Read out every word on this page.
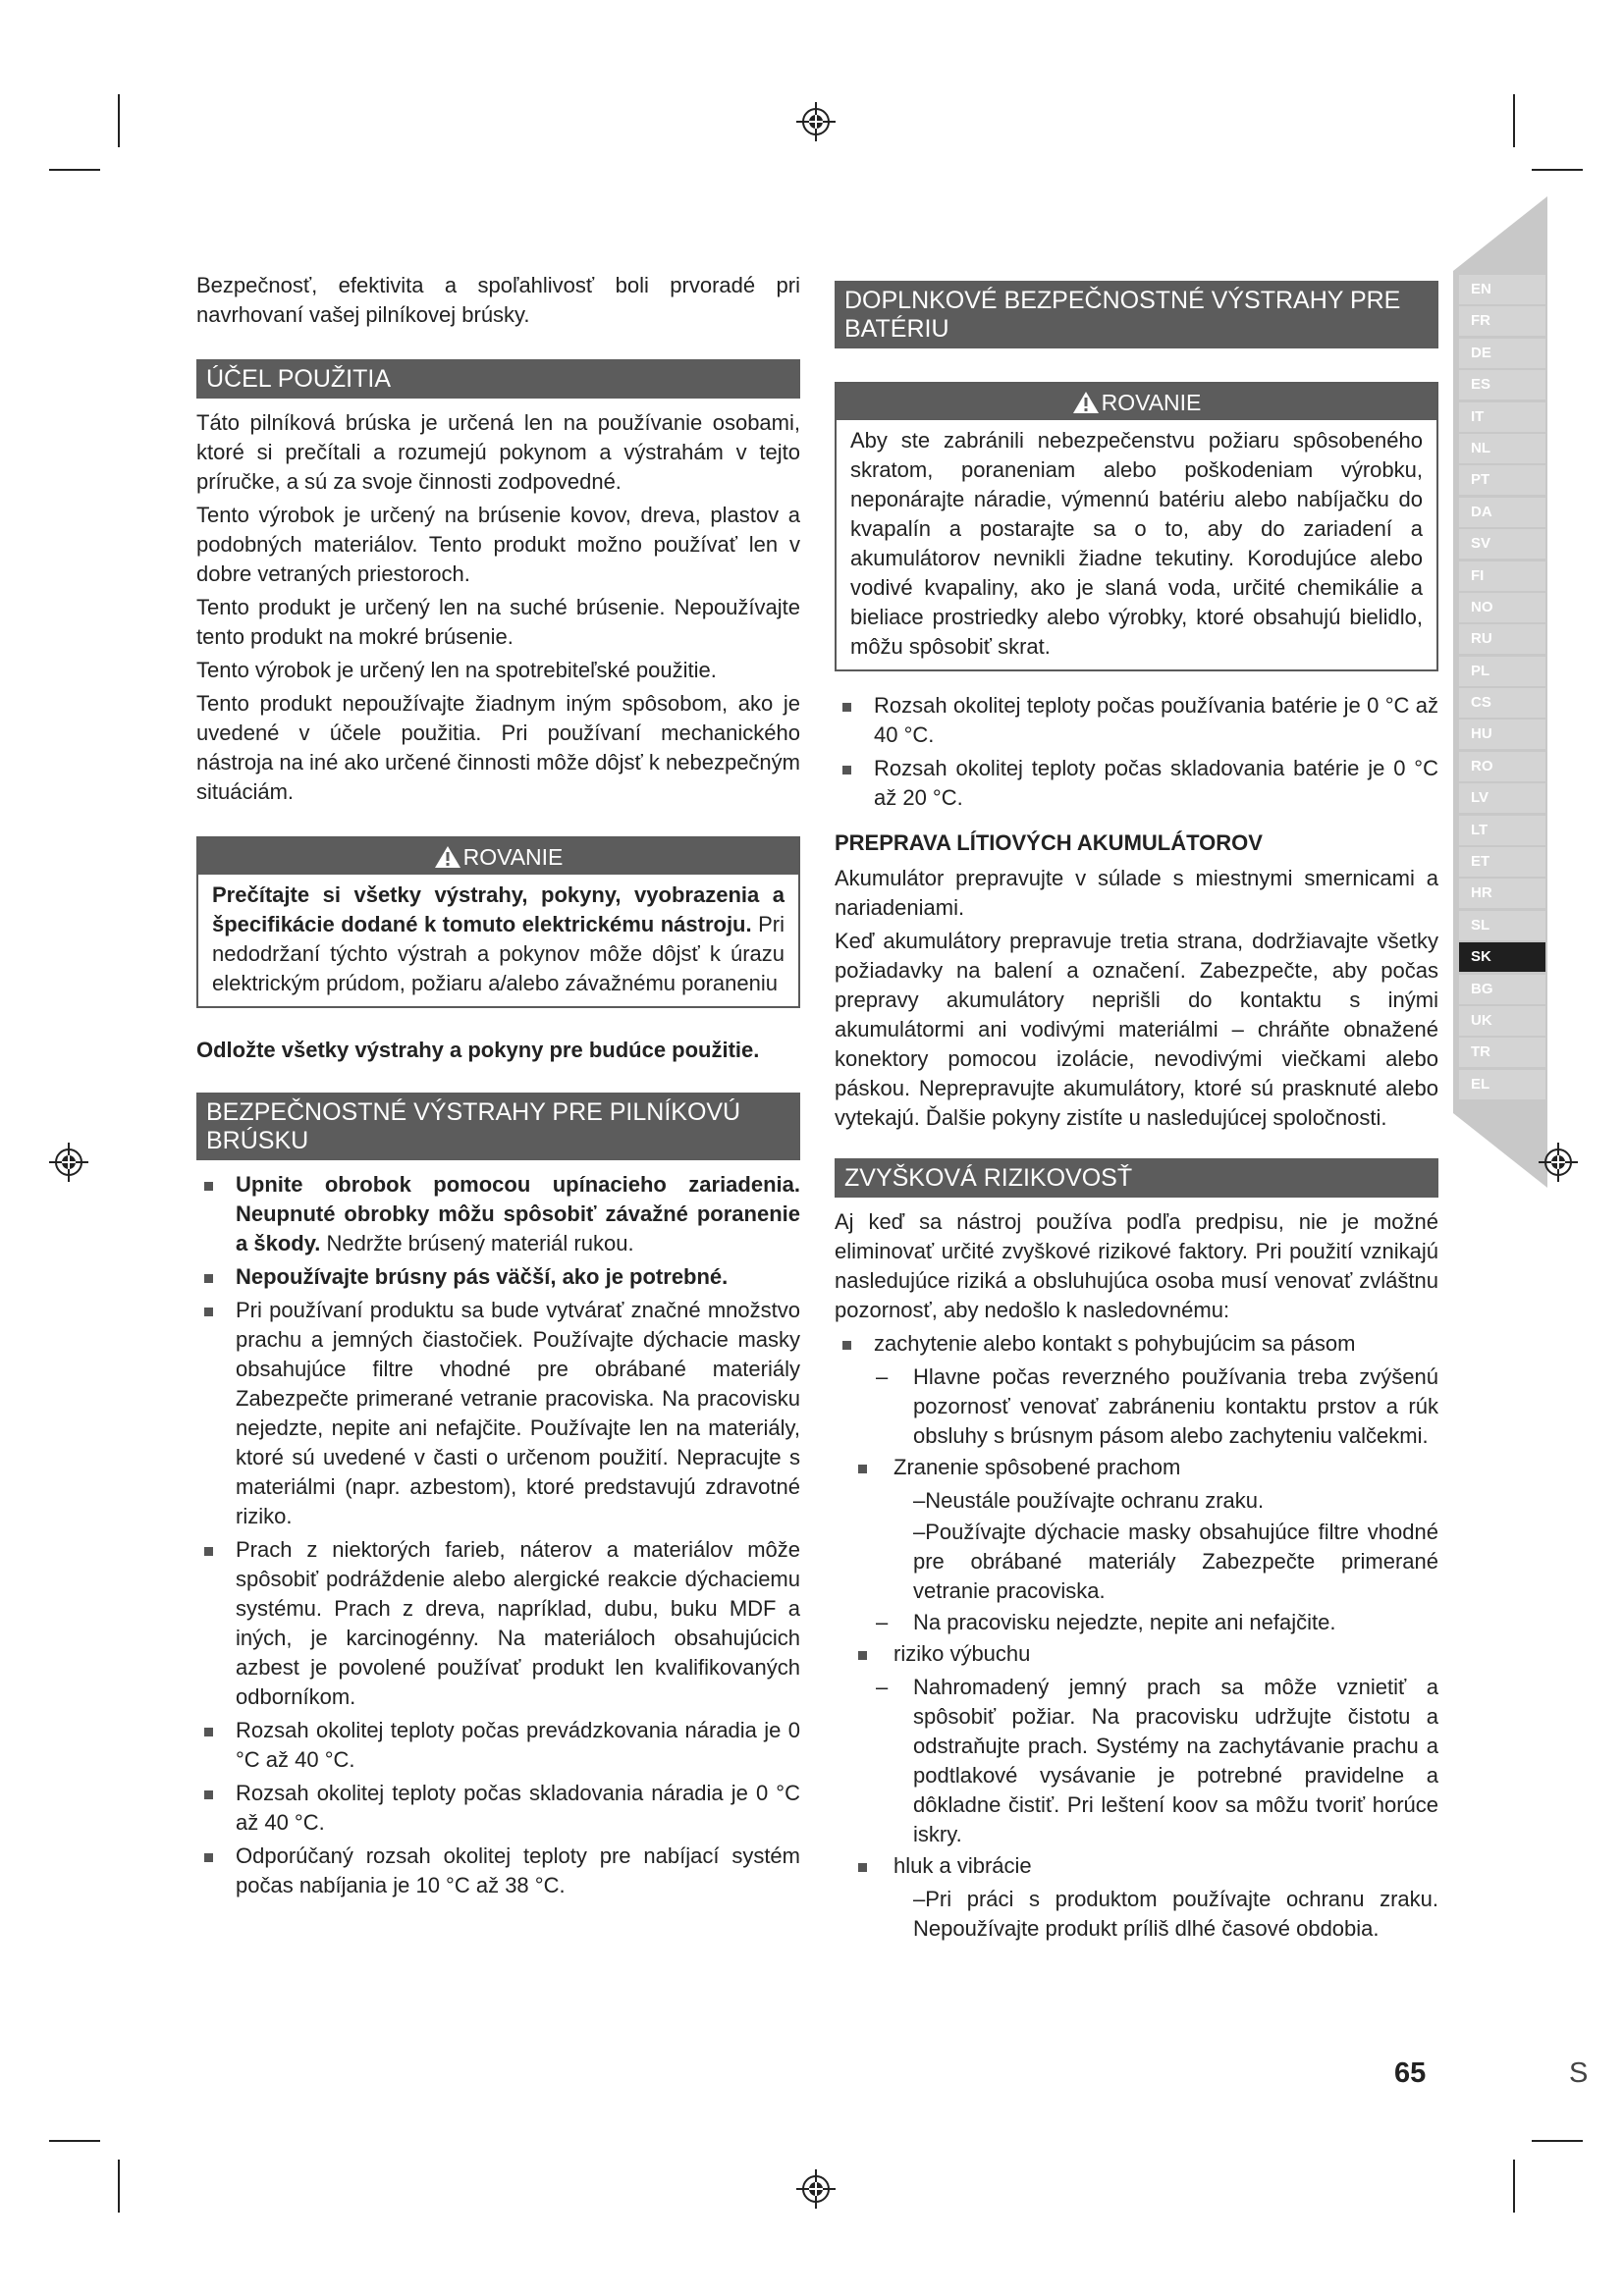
Bezpečnosť, efektivita a spoľahlivosť boli prvoradé pri navrhovaní vašej pilníkovej brúsky.

ÚČEL POUŽITIA

Táto pilníková brúska je určená len na používanie osobami, ktoré si prečítali a rozumejú pokynom a výstrahám v tejto príručke, a sú za svoje činnosti zodpovedné.

Tento výrobok je určený na brúsenie kovov, dreva, plastov a podobných materiálov. Tento produkt možno používať len v dobre vetraných priestoroch.

Tento produkt je určený len na suché brúsenie. Nepoužívajte tento produkt na mokré brúsenie.

Tento výrobok je určený len na spotrebiteľské použitie.

Tento produkt nepoužívajte žiadnym iným spôsobom, ako je uvedené v účele použitia. Pri používaní mechanického nástroja na iné ako určené činnosti môže dôjsť k nebezpečným situáciám.

ROVANIE

Prečítajte si všetky výstrahy, pokyny, vyobrazenia a špecifikácie dodané k tomuto elektrickému nástroju. Pri nedodržaní týchto výstrah a pokynov môže dôjsť k úrazu elektrickým prúdom, požiaru a/alebo závažnému poraneniu

Odložte všetky výstrahy a pokyny pre budúce použitie.

BEZPEČNOSTNÉ VÝSTRAHY PRE PILNÍKOVÚ BRÚSKU
Upnite obrobok pomocou upínacieho zariadenia. Neupnuté obrobky môžu spôsobiť závažné poranenie a škody. Nedržte brúsený materiál rukou.
Nepoužívajte brúsny pás väčší, ako je potrebné.
Pri používaní produktu sa bude vytvárať značné množstvo prachu a jemných čiastočiek. Používajte dýchacie masky obsahujúce filtre vhodné pre obrábané materiály Zabezpečte primerané vetranie pracoviska. Na pracovisku nejedzte, nepite ani nefajčite. Používajte len na materiály, ktoré sú uvedené v časti o určenom použití. Nepracujte s materiálmi (napr. azbestom), ktoré predstavujú zdravotné riziko.
Prach z niektorých farieb, náterov a materiálov môže spôsobiť podráždenie alebo alergické reakcie dýchaciemu systému. Prach z dreva, napríklad, dubu, buku MDF a iných, je karcinogénny. Na materiáloch obsahujúcich azbest je povolené používať produkt len kvalifikovaných odborníkom.
Rozsah okolitej teploty počas prevádzkovania náradia je 0 °C až 40 °C.
Rozsah okolitej teploty počas skladovania náradia je 0 °C až 40 °C.
Odporúčaný rozsah okolitej teploty pre nabíjací systém počas nabíjania je 10 °C až 38 °C.
DOPLNKOVÉ BEZPEČNOSTNÉ VÝSTRAHY PRE BATÉRIU
ROVANIE

Aby ste zabránili nebezpečenstvu požiaru spôsobeného skratom, poraneniam alebo poškodeniam výrobku, neponárajte náradie, výmennú batériu alebo nabíjačku do kvapalín a postarajte sa o to, aby do zariadení a akumulátorov nevnikli žiadne tekutiny. Korodujúce alebo vodivé kvapaliny, ako je slaná voda, určité chemikálie a bieliace prostriedky alebo výrobky, ktoré obsahujú bielidlo, môžu spôsobiť skrat.

Rozsah okolitej teploty počas používania batérie je 0 °C až 40 °C.
Rozsah okolitej teploty počas skladovania batérie je 0 °C až 20 °C.
PREPRAVA LÍTIOVÝCH AKUMULÁTOROV

Akumulátor prepravujte v súlade s miestnymi smernicami a nariadeniami.

Keď akumulátory prepravuje tretia strana, dodržiavajte všetky požiadavky na balení a označení. Zabezpečte, aby počas prepravy akumulátory neprišli do kontaktu s inými akumulátormi ani vodivými materiálmi – chráňte obnažené konektory pomocou izolácie, nevodivými viečkami alebo páskou. Neprepravujte akumulátory, ktoré sú prasknuté alebo vytekajú. Ďalšie pokyny zistíte u nasledujúcej spoločnosti.

ZVYŠKOVÁ RIZIKOVOSŤ

Aj keď sa nástroj používa podľa predpisu, nie je možné eliminovať určité zvyškové rizikové faktory. Pri použití vznikajú nasledujúce riziká a obsluhujúca osoba musí venovať zvláštnu pozornosť, aby nedošlo k nasledovnému:

zachytenie alebo kontakt s pohybujúcim sa pásom
– Hlavne počas reverzného používania treba zvýšenú pozornosť venovať zabráneniu kontaktu prstov a rúk obsluhy s brúsnym pásom alebo zachyteniu valčekmi.
Zranenie spôsobené prachom
–Neustále používajte ochranu zraku.
–Používajte dýchacie masky obsahujúce filtre vhodné pre obrábané materiály Zabezpečte primerané vetranie pracoviska.
– Na pracovisku nejedzte, nepite ani nefajčite.
riziko výbuchu
– Nahromadený jemný prach sa môže vznietiť a spôsobiť požiar. Na pracovisku udržujte čistotu a odstraňujte prach. Systémy na zachytávanie prachu a podtlakové vysávanie je potrebné pravidelne a dôkladne čistiť. Pri leštení koov sa môžu tvoriť horúce iskry.
hluk a vibrácie
–Pri práci s produktom používajte ochranu zraku. Nepoužívajte produkt príliš dlhé časové obdobia.
EN
FR
DE
ES
IT
NL
PT
DA
SV
FI
NO
RU
PL
CS
HU
RO
LV
LT
ET
HR
SL
SK
BG
UK
TR
EL
65	S
